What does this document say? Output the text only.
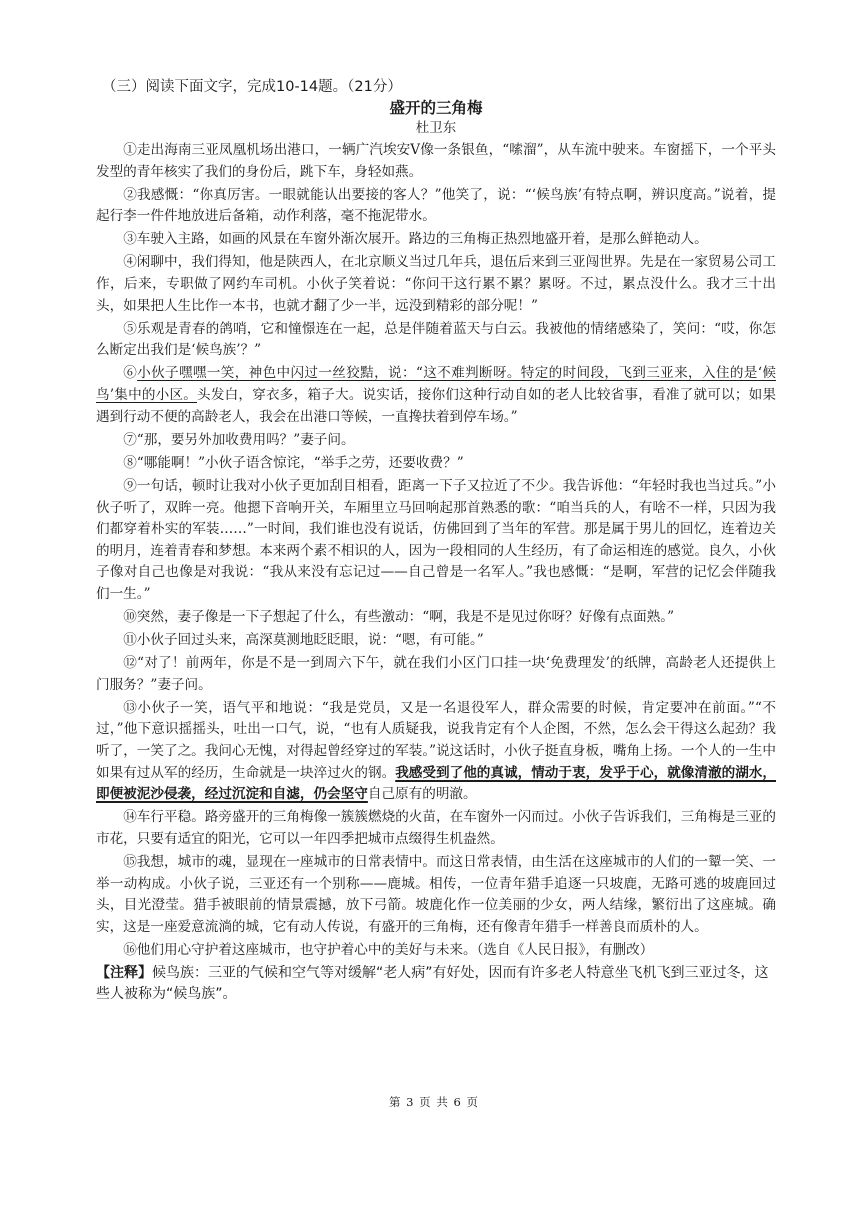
（三）阅读下面文字，完成10-14题。（21分）
盛开的三角梅
杜卫东

①走出海南三亚凤凰机场出港口，一辆广汽埃安V像一条银鱼，“嗦溜”，从车流中驶来。车窗摇下，一个平头发型的青年核实了我们的身份后，跳下车，身轻如燕。

②我感慨：“你真厉害。一眼就能认出要接的客人？”他笑了，说：“‘候鸟族’有特点啊，辨识度高。”说着，提起行李一件件地放进后备箱，动作利落，毫不拖泥带水。

③车驶入主路，如画的风景在车窗外渐次展开。路边的三角梅正热烈地盛开着，是那么鲜艳动人。

④闲聊中，我们得知，他是陕西人，在北京顺义当过几年兵，退伍后来到三亚闯世界。先是在一家贸易公司工作，后来，专职做了网约车司机。小伙子笑着说：“你问干这行累不累？累呀。不过，累点没什么。我才三十出头，如果把人生比作一本书，也就才翻了少一半，远没到精彩的部分呢！”

⑤乐观是青春的鸽哨，它和憧憬连在一起，总是伴随着蓝天与白云。我被他的情绪感染了，笑问：“哎，你怎么断定出我们是‘候鸟族’？”

⑥小伙子嘿嘿一笑，神色中闪过一丝狡黠，说：“这不难判断呀。特定的时间段，飞到三亚来，入住的是‘候鸟’集中的小区。头发白，穿衣多，箱子大。说实话，接你们这种行动自如的老人比较省事，看准了就可以；如果遇到行动不便的高龄老人，我会在出港口等候，一直搀扶着到停车场。”

⑦“那，要另外加收费用吗？”妻子问。

⑧“哪能啊！”小伙子语含惊诧，“举手之劳，还要收费？”

⑨一句话，顿时让我对小伙子更加刮目相看，距离一下子又拉近了不少。我告诉他：“年轻时我也当过兵。”小伙子听了，双眸一亮。他摁下音响开关，车厢里立马回响起那首熟悉的歌：“咱当兵的人，有啥不一样，只因为我们都穿着朴实的军装……”一时间，我们谁也没有说话，仿佛回到了当年的军营。那是属于男儿的回忆，连着边关的明月，连着青春和梦想。本来两个素不相识的人，因为一段相同的人生经历，有了命运相连的感觉。良久，小伙子像对自己也像是对我说：“我从来没有忘记过——自己曾是一名军人。”我也感慨：“是啊，军营的记忆会伴随我们一生。”

⑩突然，妻子像是一下子想起了什么，有些激动：“啊，我是不是见过你呀？好像有点面熟。”

⑪小伙子回过头来，高深莫测地眨眨眼，说：“嗯，有可能。”

⑫“对了！前两年，你是不是一到周六下午，就在我们小区门口挂一块‘免费理发’的纸牌，高龄老人还提供上门服务？”妻子问。

⑬小伙子一笑，语气平和地说：“我是党员，又是一名退役军人，群众需要的时候，肯定要冲在前面。”“不过，”他下意识摇摇头，吐出一口气，说，“也有人质疑我，说我肯定有个人企图，不然，怎么会干得这么起劲？我听了，一笑了之。我问心无愧，对得起曾经穿过的军装。”说这话时，小伙子挺直身板，嘴角上扬。一个人的一生中如果有过从军的经历，生命就是一块淬过火的钢。我感受到了他的真诚，情动于衷，发乎于心，就像清澈的湖水，即便被泥沙侵袭，经过沉淀和自滤，仍会坚守自己原有的明澈。

⑭车行平稳。路旁盛开的三角梅像一簇簇燃烧的火苗，在车窗外一闪而过。小伙子告诉我们，三角梅是三亚的市花，只要有适宜的阳光，它可以一年四季把城市点缀得生机盎然。

⑮我想，城市的魂，显现在一座城市的日常表情中。而这日常表情，由生活在这座城市的人们的一颦一笑、一举一动构成。小伙子说，三亚还有一个别称——鹿城。相传，一位青年猎手追逐一只坡鹿，无路可逃的坡鹿回过头，目光澄莹。猎手被眼前的情景震撼，放下弓箭。坡鹿化作一位美丽的少女，两人结缘，繁衍出了这座城。确实，这是一座爱意流淌的城，它有动人传说，有盛开的三角梅，还有像青年猎手一样善良而质朴的人。

⑯他们用心守护着这座城市，也守护着心中的美好与未来。（选自《人民日报》，有删改）

【注释】候鸟族：三亚的气候和空气等对缓解“老人病”有好处，因而有许多老人特意坐飞机飞到三亚过冬，这些人被称为“候鸟族”。
第 3 页 共 6 页
